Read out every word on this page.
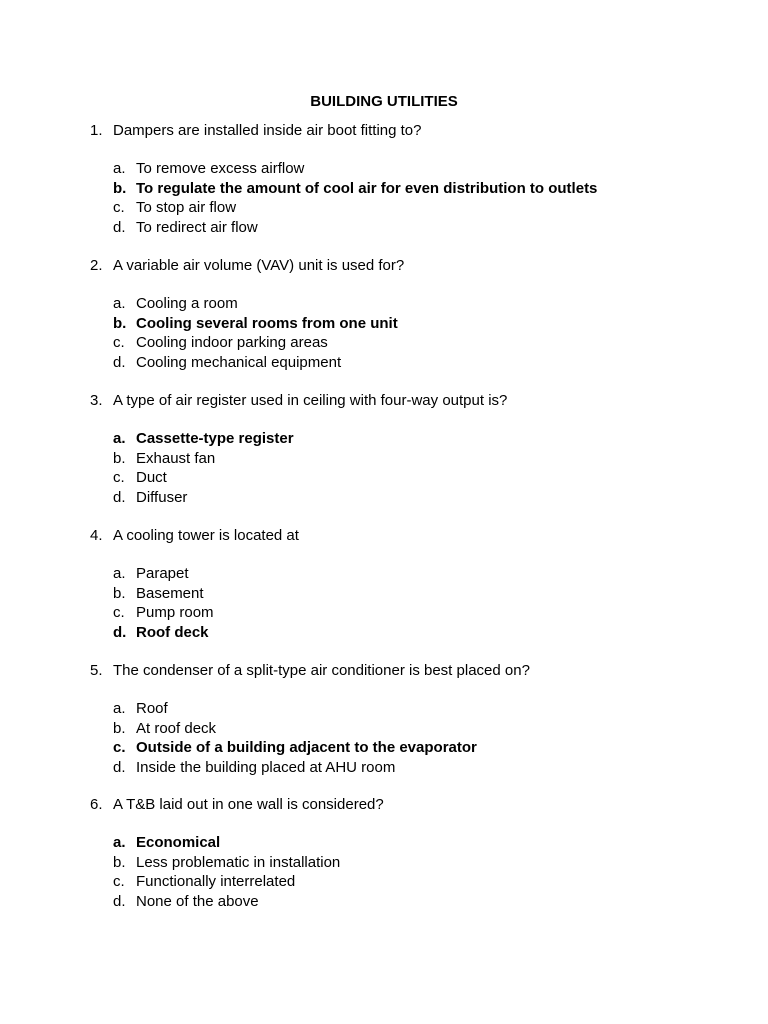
BUILDING UTILITIES
1. Dampers are installed inside air boot fitting to?
a. To remove excess airflow
b. To regulate the amount of cool air for even distribution to outlets
c. To stop air flow
d. To redirect air flow
2. A variable air volume (VAV) unit is used for?
a. Cooling a room
b. Cooling several rooms from one unit
c. Cooling indoor parking areas
d. Cooling mechanical equipment
3. A type of air register used in ceiling with four-way output is?
a. Cassette-type register
b. Exhaust fan
c. Duct
d. Diffuser
4. A cooling tower is located at
a. Parapet
b. Basement
c. Pump room
d. Roof deck
5. The condenser of a split-type air conditioner is best placed on?
a. Roof
b. At roof deck
c. Outside of a building adjacent to the evaporator
d. Inside the building placed at AHU room
6. A T&B laid out in one wall is considered?
a. Economical
b. Less problematic in installation
c. Functionally interrelated
d. None of the above
